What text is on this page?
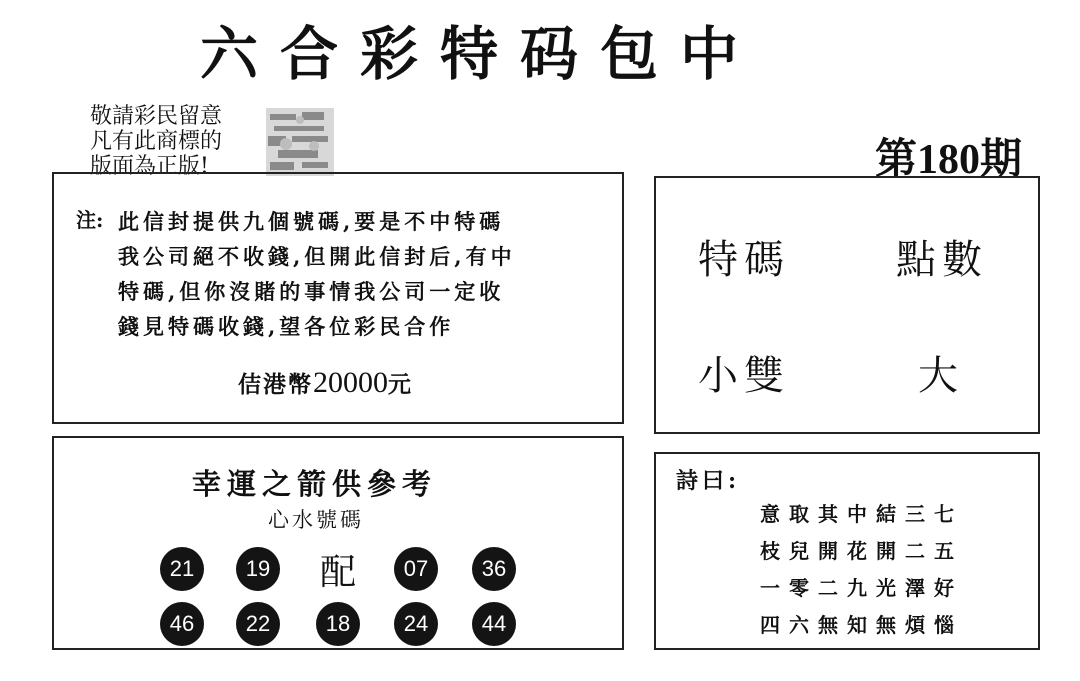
六合彩特码包中
敬請彩民留意
凡有此商標的
版面為正版!	第180期
注: 此信封提供九個號碼,要是不中特碼
我公司絕不收錢,但開此信封后,有中
特碼,但你沒賭的事情我公司一定收
錢見特碼收錢,望各位彩民合作
佶港幣20000元
特碼	點數
小雙	大
幸運之箭供參考
心水號碼
21	19 配	07	36
46	22	18	24	44
詩曰:
意取其中結三七
枝兒開花開二五
一零二九光澤好
四六無知無煩惱
